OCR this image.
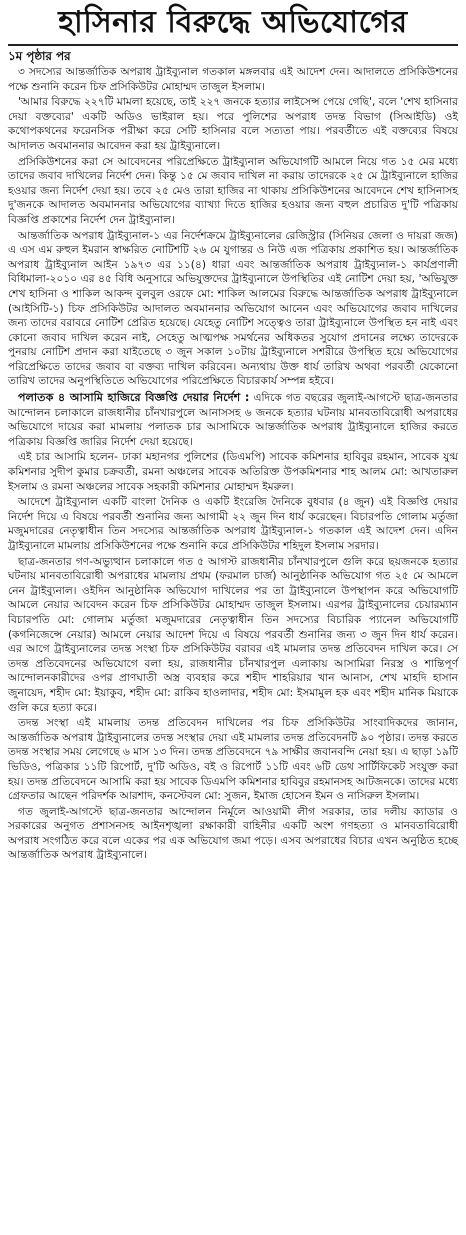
হাসিনার বিরুদ্ধে অভিযোগের
১ম পৃষ্ঠার পর

৩ সদস্যের আন্তর্জাতিক অপরাধ ট্রাইব্যুনাল গতকাল মঙ্গলবার এই আদেশ দেন। আদালতে প্রসিকিউশনের পক্ষে শুনানি করেন চিফ প্রসিকিউটর মোহাম্মদ তাজুল ইসলাম।

'আমার বিরুদ্ধে ২২৭টি মামলা হয়েছে, তাই ২২৭ জনকে হত্যার লাইসেন্স পেয়ে গেছি', বলে 'শেখ হাসিনার দেয়া বক্তব্যের' একটি অডিও ভাইরাল হয়। পরে পুলিশের অপরাধ তদন্ত বিভাগ (সিআইডি) ওই কথোপকথনের ফরেনসিক পরীক্ষা করে সেটি হাসিনার বলে সত্যতা পায়। পরবর্তীতে এই বক্তব্যের বিষয়ে আদালত অবমাননার আবেদন করা হয় ট্রাইব্যুনালে।

প্রসিকিউশনের করা সে আবেদনের পরিপ্রেক্ষিতে ট্রাইব্যুনাল অভিযোগটি আমলে নিয়ে গত ১৫ মের মধ্যে তাদের জবাব দাখিলের নির্দেশ দেন। কিন্তু ১৫ মে জবাব দাখিল না করায় তাদেরকে ২৫ মে ট্রাইব্যুনালে হাজির হওয়ার জন্য নির্দেশ দেয়া হয়। তবে ২৫ মেও তারা হাজির না থাকায় প্রসিকিউশনের আবেদনে শেখ হাসিনাসহ দু'জনকে আদালত অবমাননার অভিযোগের ব্যাখ্যা দিতে হাজির হওয়ার জন্য বহুল প্রচারিত দু'টি পত্রিকায় বিজ্ঞপ্তি প্রকাশের নির্দেশ দেন ট্রাইব্যুনাল।

আন্তর্জাতিক অপরাধ ট্রাইব্যুনাল-১ এর নির্দেশক্রমে ট্রাইব্যুনালের রেজিস্ট্রার (সিনিয়র জেলা ও দায়রা জজ) এ এস এম রুহুল ইমরান স্বাক্ষরিত নোটিশটি ২৬ মে যুগান্তর ও নিউ এজ পত্রিকায় প্রকাশিত হয়। আন্তর্জাতিক অপরাধ ট্রাইব্যুনাল আইন ১৯৭৩ এর ১১(৪) ধারা এবং আন্তর্জাতিক অপরাধ ট্রাইব্যুনাল-১ কার্যপ্রণালী বিধিমালা-২০১০ এর ৪৫ বিধি অনুসারে অভিযুক্তদের ট্রাইব্যুনালে উপস্থিতির এই নোটিশ দেয়া হয়, 'অভিযুক্ত শেখ হাসিনা ও শাকিল আকন্দ বুলবুল ওরফে মো: শাকিল আলমের বিরুদ্ধে আন্তর্জাতিক অপরাধ ট্রাইব্যুনালে (আইসিটি-১) চিফ প্রসিকিউটর আদালত অবমাননার অভিযোগ আনেন এবং অভিযোগের জবাব দাখিলের জন্য তাদের বরাবরে নোটিশ প্রেরিত হয়েছে। যেহেতু নোটিশ সত্ত্বেও তারা ট্রাইব্যুনালে উপস্থিত হন নাই এবং কোনো জবাব দাখিল করেন নাই, সেহেতু আত্মপক্ষ সমর্থনের অধিকতর সুযোগ প্রদানের লক্ষ্যে তাদেরকে পুনরায় নোটিশ প্রদান করা যাইতেছে ৩ জুন সকাল ১০টায় ট্রাইব্যুনালে সশরীরে উপস্থিত হয়ে অভিযোগের পরিপ্রেক্ষিতে তাদের জবাব বা বক্তব্য দাখিল করিবেন। অন্যথায় উক্ত ধার্য তারিখ অথবা পরবর্তী যেকোনো তারিখ তাদের অনুপস্থিতিতে অভিযোগের পরিপ্রেক্ষিতে বিচারকার্য সম্পন্ন হইবে।

পলাতক ৪ আসামি হাজিরে বিজ্ঞপ্তি দেয়ার নির্দেশ : এদিকে গত বছরের জুলাই-আগস্টে ছাত্র-জনতার আন্দোলন চলাকালে রাজধানীর চাঁনখারপুলে আনাসসহ ৬ জনকে হত্যার ঘটনায় মানবতাবিরোধী অপরাধের অভিযোগে দায়ের করা মামলায় পলাতক চার আসামিকে আন্তর্জাতিক অপরাধ ট্রাইব্যুনালে হাজির করতে পত্রিকায় বিজ্ঞপ্তি জারির নির্দেশ দেয়া হয়েছে।

এই চার আসামি হলেন- ঢাকা মহানগর পুলিশের (ডিএমপি) সাবেক কমিশনার হাবিবুর রহমান, সাবেক যুগ্ম কমিশনার সুদীপ কুমার চক্রবর্তী, রমনা অঞ্চলের সাবেক অতিরিক্ত উপকমিশনার শাহ আলম মো: আখতারুল ইসলাম ও রমনা অঞ্চলের সাবেক সহকারী কমিশনার মোহাম্মদ ইমরুল।

আদেশে ট্রাইব্যুনাল একটি বাংলা দৈনিক ও একটি ইংরেজি দৈনিকে বুধবার (৪ জুন) এই বিজ্ঞপ্তি দেয়ার নির্দেশ দিয়ে এ বিষয়ে পরবর্তী শুনানির জন্য আগামী ২২ জুন দিন ধার্য করেছেন। বিচারপতি গোলাম মর্তুজা মজুমদারের নেতৃত্বাধীন তিন সদস্যের আন্তর্জাতিক অপরাধ ট্রাইব্যুনাল-১ গতকাল এই আদেশ দেন। এদিন ট্রাইব্যুনালে মামলায় প্রসিকিউশনের পক্ষে শুনানি করে প্রসিকিউটর শহিদুল ইসলাম সরদার।

ছাত্র-জনতার গণ-অভ্যুত্থান চলাকালে গত ৫ আগস্ট রাজধানীর চাঁনখারপুলে গুলি করে ছয়জনকে হত্যার ঘটনায় মানবতাবিরোধী অপরাধের মামলায় প্রথম (ফরমাল চার্জ) আনুষ্ঠানিক অভিযোগ গত ২৫ মে আমলে নেন ট্রাইব্যুনাল। ওইদিন আনুষ্ঠানিক অভিযোগ দাখিলের পর তা ট্রাইব্যুনালে উপস্থাপন করে অভিযোগটি আমলে নেয়ার আবেদন করেন চিফ প্রসিকিউটর মোহাম্মদ তাজুল ইসলাম। এরপর ট্রাইব্যুনালের চেয়ারম্যান বিচারপতি মো: গোলাম মর্তুজা মজুমদারের নেতৃত্বাধীন তিন সদস্যের বিচারিক প্যানেল অভিযোগটি (কগনিজেন্সে নেয়ার) আমলে নেয়ার আদেশ দিয়ে এ বিষয়ে পরবর্তী শুনানির জন্য ৩ জুন দিন ধার্য করেন। এর আগে ট্রাইব্যুনালের তদন্ত সংস্থা চিফ প্রসিকিউটর বরাবর এই মামলার তদন্ত প্রতিবেদন দাখিল করে। সে তদন্ত প্রতিবেদনের অভিযোগে বলা হয়, রাজধানীর চাঁনখারপুল এলাকায় আসামিরা নিরস্ত্র ও শান্তিপূর্ণ আন্দোলনকারীদের ওপর প্রাণঘাতী অস্ত্র ব্যবহার করে শহীদ শাহরিয়ার খান আনাস, শেখ মাহদি হাসান জুনায়েদ, শহীদ মো: ইয়াকুব, শহীদ মো: রাকিব হাওলাদার, শহীদ মো: ইসমামুল হক এবং শহীদ মানিক মিয়াকে গুলি করে হত্যা করে।

তদন্ত সংস্থা এই মামলায় তদন্ত প্রতিবেদন দাখিলের পর চিফ প্রসিকিউটর সাংবাদিকদের জানান, আন্তর্জাতিক অপরাধ ট্রাইব্যুনালের তদন্ত সংস্থার দেয়া এই মামলার তদন্ত প্রতিবেদনটি ৯০ পৃষ্ঠার। তদন্ত করতে তদন্ত সংস্থার সময় লেগেছে ৬ মাস ১৩ দিন। তদন্ত প্রতিবেদনে ৭৯ সাক্ষীর জবানবন্দি নেয়া হয়। এ ছাড়া ১৯টি ভিডিও, পত্রিকার ১১টি রিপোর্ট, দু'টি অডিও, বই ও রিপোর্ট ১১টি এবং ৬টি ডেথ সার্টিফিকেট সংযুক্ত করা হয়। তদন্ত প্রতিবেদনে আসামি করা হয় সাবেক ডিএমপি কমিশনার হাবিবুর রহমানসহ আটজনকে। তাদের মধ্যে গ্রেফতার আছেন পরিদর্শক আরশাদ, কনস্টেবল মো: সুজন, ইমাজ হোসেন ইমন ও নাসিরুল ইসলাম।

গত জুলাই-আগস্টে ছাত্র-জনতার আন্দোলন নির্মূলে আওয়ামী লীগ সরকার, তার দলীয় ক্যাডার ও সরকারের অনুগত প্রশাসনসহ আইনশৃঙ্খলা রক্ষাকারী বাহিনীর একটি অংশ গণহত্যা ও মানবতাবিরোধী অপরাধ সংগঠিত করে বলে একের পর এক অভিযোগ জমা পড়ে। এসব অপরাধের বিচার এখন অনুষ্ঠিত হচ্ছে আন্তর্জাতিক অপরাধ ট্রাইব্যুনালে।
